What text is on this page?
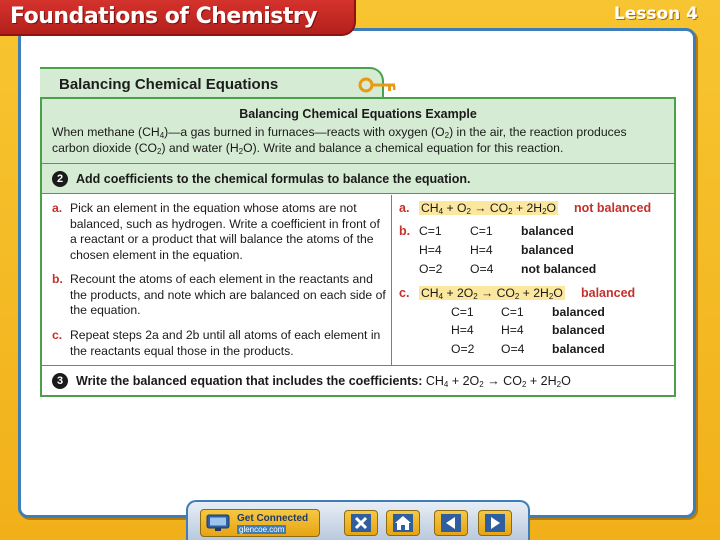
Foundations of Chemistry	Lesson 4
Balancing Chemical Equations
Balancing Chemical Equations Example
When methane $(CH_4)—a$ gas burned in furnaces—reacts with oxygen $(O_2)$ in the air, the reaction produces
carbon dioxide $(CO_2)$ and water $(H_2O)$. Write and balance a chemical equation for this reaction.
2	Add coefficients to the chemical formulas to balance the equation.
a. Pick an element in the equation whose atoms are not balanced, such as hydrogen. Write a coefficient in front of a reactant or a product that will balance the atoms of the chosen element in the equation.
b. Recount the atoms of each element in the reactants and the products, and note which are balanced on each side of the equation.
c. Repeat steps 2a and 2b until all atoms of each element in the reactants equal those in the products.
a. $CH_4 + O_2 \to CO_2 + 2H_2O$ not balanced
b. C=1 C=1 balanced
H=4 H=4 balanced
O=2 O=4 not balanced
c. $CH_4 + 2O_2 \to CO_2 + 2H_2O$ balanced
C=1 C=1 balanced
H=4 H=4 balanced
O=2 O=4 balanced
3	Write the balanced equation that includes the coefficients: $CH_4 + 2O_2 \to CO_2 + 2H_2O$
Get Connected
glencoe.com
